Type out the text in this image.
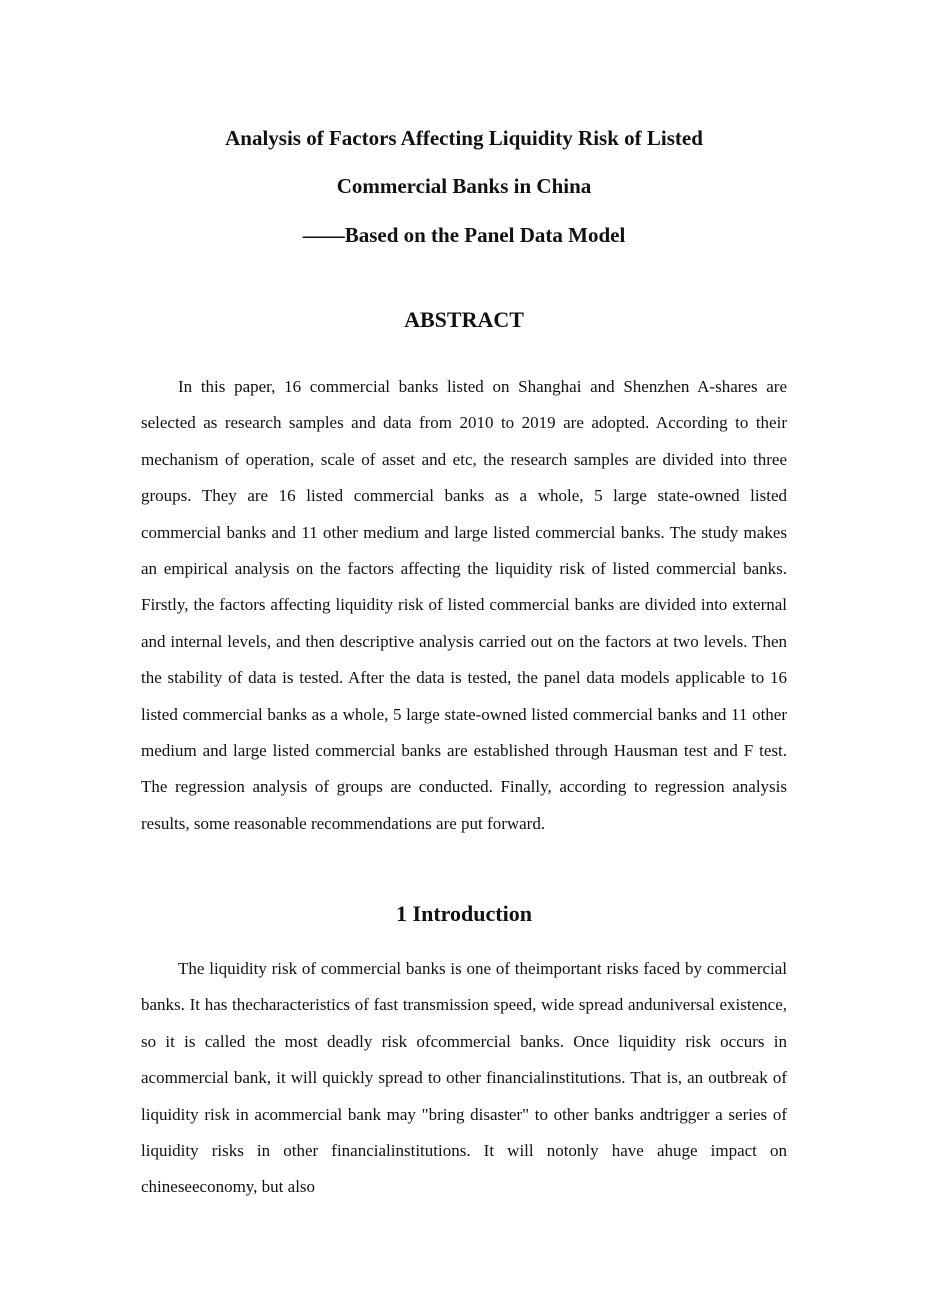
Analysis of Factors Affecting Liquidity Risk of Listed
Commercial Banks in China
——Based on the Panel Data Model
ABSTRACT

In this paper, 16 commercial banks listed on Shanghai and Shenzhen A-shares are selected as research samples and data from 2010 to 2019 are adopted. According to their mechanism of operation, scale of asset and etc, the research samples are divided into three groups. They are 16 listed commercial banks as a whole, 5 large state-owned listed commercial banks and 11 other medium and large listed commercial banks. The study makes an empirical analysis on the factors affecting the liquidity risk of listed commercial banks. Firstly, the factors affecting liquidity risk of listed commercial banks are divided into external and internal levels, and then descriptive analysis carried out on the factors at two levels. Then the stability of data is tested. After the data is tested, the panel data models applicable to 16 listed commercial banks as a whole, 5 large state-owned listed commercial banks and 11 other medium and large listed commercial banks are established through Hausman test and F test. The regression analysis of groups are conducted. Finally, according to regression analysis results, some reasonable recommendations are put forward.

1 Introduction

The liquidity risk of commercial banks is one of theimportant risks faced by commercial banks. It has thecharacteristics of fast transmission speed, wide spread anduniversal existence, so it is called the most deadly risk ofcommercial banks. Once liquidity risk occurs in acommercial bank, it will quickly spread to other financialinstitutions. That is, an outbreak of liquidity risk in acommercial bank may "bring disaster" to other banks andtrigger a series of liquidity risks in other financialinstitutions. It will notonly have ahuge impact on chineseeconomy, but also
